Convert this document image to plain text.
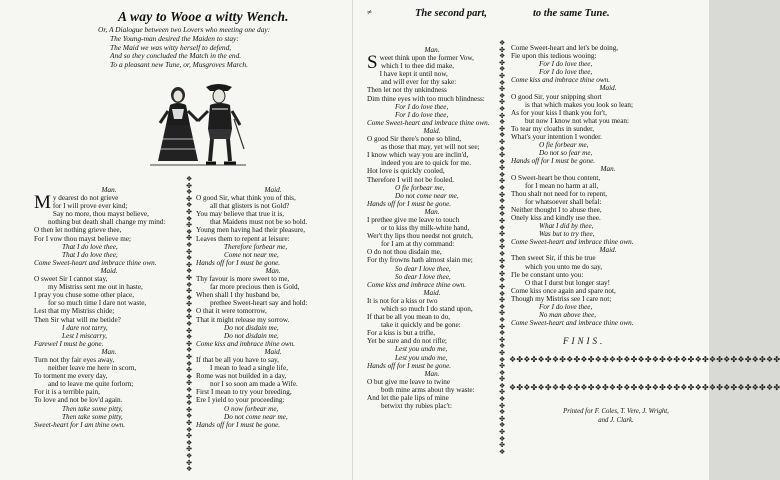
A way to Wooe a witty Wench.
Or, A Dialogue between two Lovers who meeting one day:
The Young-man desired the Maiden to stay:
The Maid we was witty herself to defend,
And so they concluded the Match in the end.
To a pleasant new Tune, or, Musgroves March.
❖
✤
❖
✤
❖
✤
❖
✤
❖
✤
❖
✤
❖
✤
❖
✤
❖
✤
❖
✤
❖
✤
❖
✤
❖
✤
❖
✤
❖
✤
❖
✤
❖
✤
❖
✤
❖
✤
❖
✤
❖
✤
❖
✤
❖
Man.
My dearest do not grieve
for I will prove ever kind;
Say no more, thou mayst believe,
nothing but death shall change my mind:
O then let nothing grieve thee,
For I vow thou mayst believe me;
That I do love thee,
That I do love thee,
Come Sweet-heart and imbrace thine own.
Maid.
O sweet Sir I cannot stay,
my Mistriss sent me out in haste,
I pray you chuse some other place,
for so much time I dare not waste,
Lest that my Mistriss chide;
Then Sir what will me betide?
I dare not tarry,
Lest I miscarry,
Farewel I must be gone.
Man.
Turn not thy fair eyes away,
neither leave me here in scorn,
To torment me every day,
and to leave me quite forlorn;
For it is a terrible pain,
To love and not be lov'd again.
Then take some pitty,
Then take some pitty,
Sweet-heart for I am thine own.
Maid.
O good Sir, what think you of this,
all that glisters is not Gold?
You may believe that true it is,
that Maidens must not be so bold.
Young men having had their pleasure,
Leaves them to repent at leisure:
Therefore forbear me,
Come not near me,
Hands off for I must be gone.
Man.
Thy favour is more sweet to me,
far more precious then is Gold,
When shall I thy husband be,
prethee Sweet-heart say and hold:
O that it were tomorrow,
That it might release my sorrow.
Do not disdain me,
Do not disdain me,
Come kiss and imbrace thine own.
Maid.
If that be all you have to say,
I mean to lead a single life,
Rome was not builded in a day,
nor I so soon am made a Wife.
First I mean to try your breeding,
Ere I yield to your proceeding:
O now forbear me,
Do not come near me,
Hands off for I must be gone.
≠	The second part,	to the same Tune.
❖
✤
❖
✤
❖
✤
❖
✤
❖
✤
❖
✤
❖
✤
❖
✤
❖
✤
❖
✤
❖
✤
❖
✤
❖
✤
❖
✤
❖
✤
❖
✤
❖
✤
❖
✤
❖
✤
❖
✤
❖
✤
❖
✤
❖
✤
❖
✤
❖
✤
❖
✤
❖
✤
❖
✤
❖
✤
❖
✤
❖
✤
❖
Man.
Sweet think upon the former Vow,
which I to thee did make,
I have kept it until now,
and will ever for thy sake:
Then let not thy unkindness
Dim thine eyes with too much blindness:
For I do love thee,
For I do love thee,
Come Sweet-heart and imbrace thine own.
Maid.
O good Sir there's none so blind,
as those that may, yet will not see;
I know which way you are inclin'd,
indeed you are to quick for me.
Hot love is quickly cooled,
Therefore I will not be fooled.
O fie forbear me,
Do not come near me,
Hands off for I must be gone.
Man.
I prethee give me leave to touch
or to kiss thy milk-white hand,
Wer't thy lips thou needst not grutch,
for I am at thy command:
O do not thou disdain me,
For thy frowns hath almost slain me;
So dear I love thee,
So dear I love thee,
Come kiss and imbrace thine own.
Maid.
It is not for a kiss or two
which so much I do stand upon,
If that be all you mean to do,
take it quickly and be gone:
For a kiss is but a trifle,
Yet be sure and do not rifle;
Lest you undo me,
Lest you undo me,
Hands off for I must be gone.
Man.
O but give me leave to twine
both mine arms about thy waste:
And let the pale lips of mine
betwixt thy rubies plac't:
Come Sweet-heart and let's be doing,
Fie upon this tedious wooing:
For I do love thee,
For I do love thee,
Come kiss and imbrace thine own.
Maid.
O good Sir, your snipping short
is that which makes you look so lean;
As for your kiss I thank you for't,
but now I know not what you mean:
To tear my cloaths in sunder,
What's your intention I wonder.
O fie forbear me,
Do not so fear me,
Hands off for I must be gone.
Man.
O Sweet-heart be thou content,
for I mean no harm at all,
Thou shalt not need for to repent,
for whatsoever shall befal:
Neither thought I to abuse thee,
Onely kiss and kindly use thee.
What I did by thee,
Was but to try thee,
Come Sweet-heart and imbrace thine own.
Maid.
Then sweet Sir, if this be true
which you unto me do say,
I'le be constant unto you:
O that I durst but longer stay!
Come kiss once again and spare not,
Though my Mistriss see I care not;
For I do love thee,
No man above thee,
Come Sweet-heart and imbrace thine own.
❖✤❖✤❖✤❖✤❖✤❖✤❖✤❖✤❖✤❖✤❖✤❖✤❖✤❖✤❖✤❖✤❖✤❖✤❖✤
FINIS.
❖✤❖✤❖✤❖✤❖✤❖✤❖✤❖✤❖✤❖✤❖✤❖✤❖✤❖✤❖✤❖✤❖✤❖✤❖✤
Printed for F. Coles, T. Vere, J. Wright,
and J. Clark.
